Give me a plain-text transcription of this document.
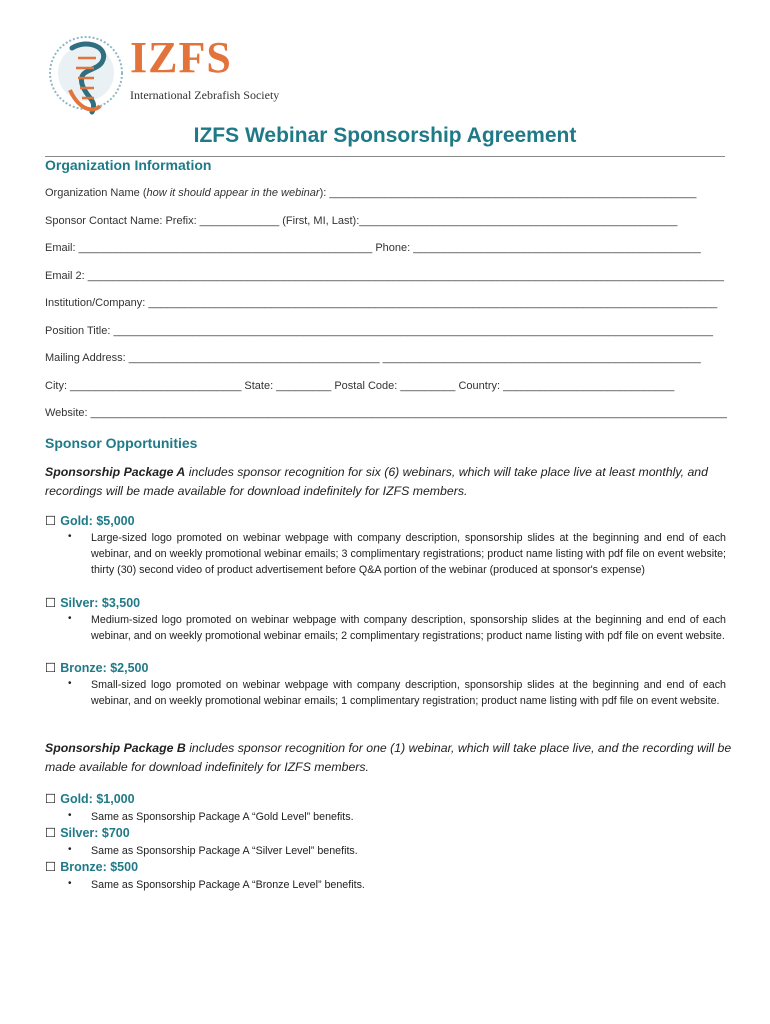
IZFS
International Zebrafish Society
IZFS Webinar Sponsorship Agreement
Organization Information
Organization Name (how it should appear in the webinar): ____________________________________________________________
Sponsor Contact Name: Prefix: _____________ (First, MI, Last):____________________________________________________
Email: ________________________________________________ Phone: _______________________________________________
Email 2: ________________________________________________________________________________________________________
Institution/Company: _____________________________________________________________________________________________
Position Title: __________________________________________________________________________________________________
Mailing Address: _________________________________________ ____________________________________________________
City: ____________________________ State: _________ Postal Code: _________ Country: ____________________________
Website: ________________________________________________________________________________________________________
Sponsor Opportunities
Sponsorship Package A includes sponsor recognition for six (6) webinars, which will take place live at least monthly, and recordings will be made available for download indefinitely for IZFS members.
☐ Gold: $5,000
• Large-sized logo promoted on webinar webpage with company description, sponsorship slides at the beginning and end of each webinar, and on weekly promotional webinar emails; 3 complimentary registrations; product name listing with pdf file on event website; thirty (30) second video of product advertisement before Q&A portion of the webinar (produced at sponsor's expense)
☐ Silver: $3,500
• Medium-sized logo promoted on webinar webpage with company description, sponsorship slides at the beginning and end of each webinar, and on weekly promotional webinar emails; 2 complimentary registrations; product name listing with pdf file on event website.
☐ Bronze: $2,500
• Small-sized logo promoted on webinar webpage with company description, sponsorship slides at the beginning and end of each webinar, and on weekly promotional webinar emails; 1 complimentary registration; product name listing with pdf file on event website.
Sponsorship Package B includes sponsor recognition for one (1) webinar, which will take place live, and the recording will be made available for download indefinitely for IZFS members.
☐ Gold: $1,000
• Same as Sponsorship Package A “Gold Level” benefits.
☐ Silver: $700
• Same as Sponsorship Package A “Silver Level” benefits.
☐ Bronze: $500
• Same as Sponsorship Package A “Bronze Level” benefits.
